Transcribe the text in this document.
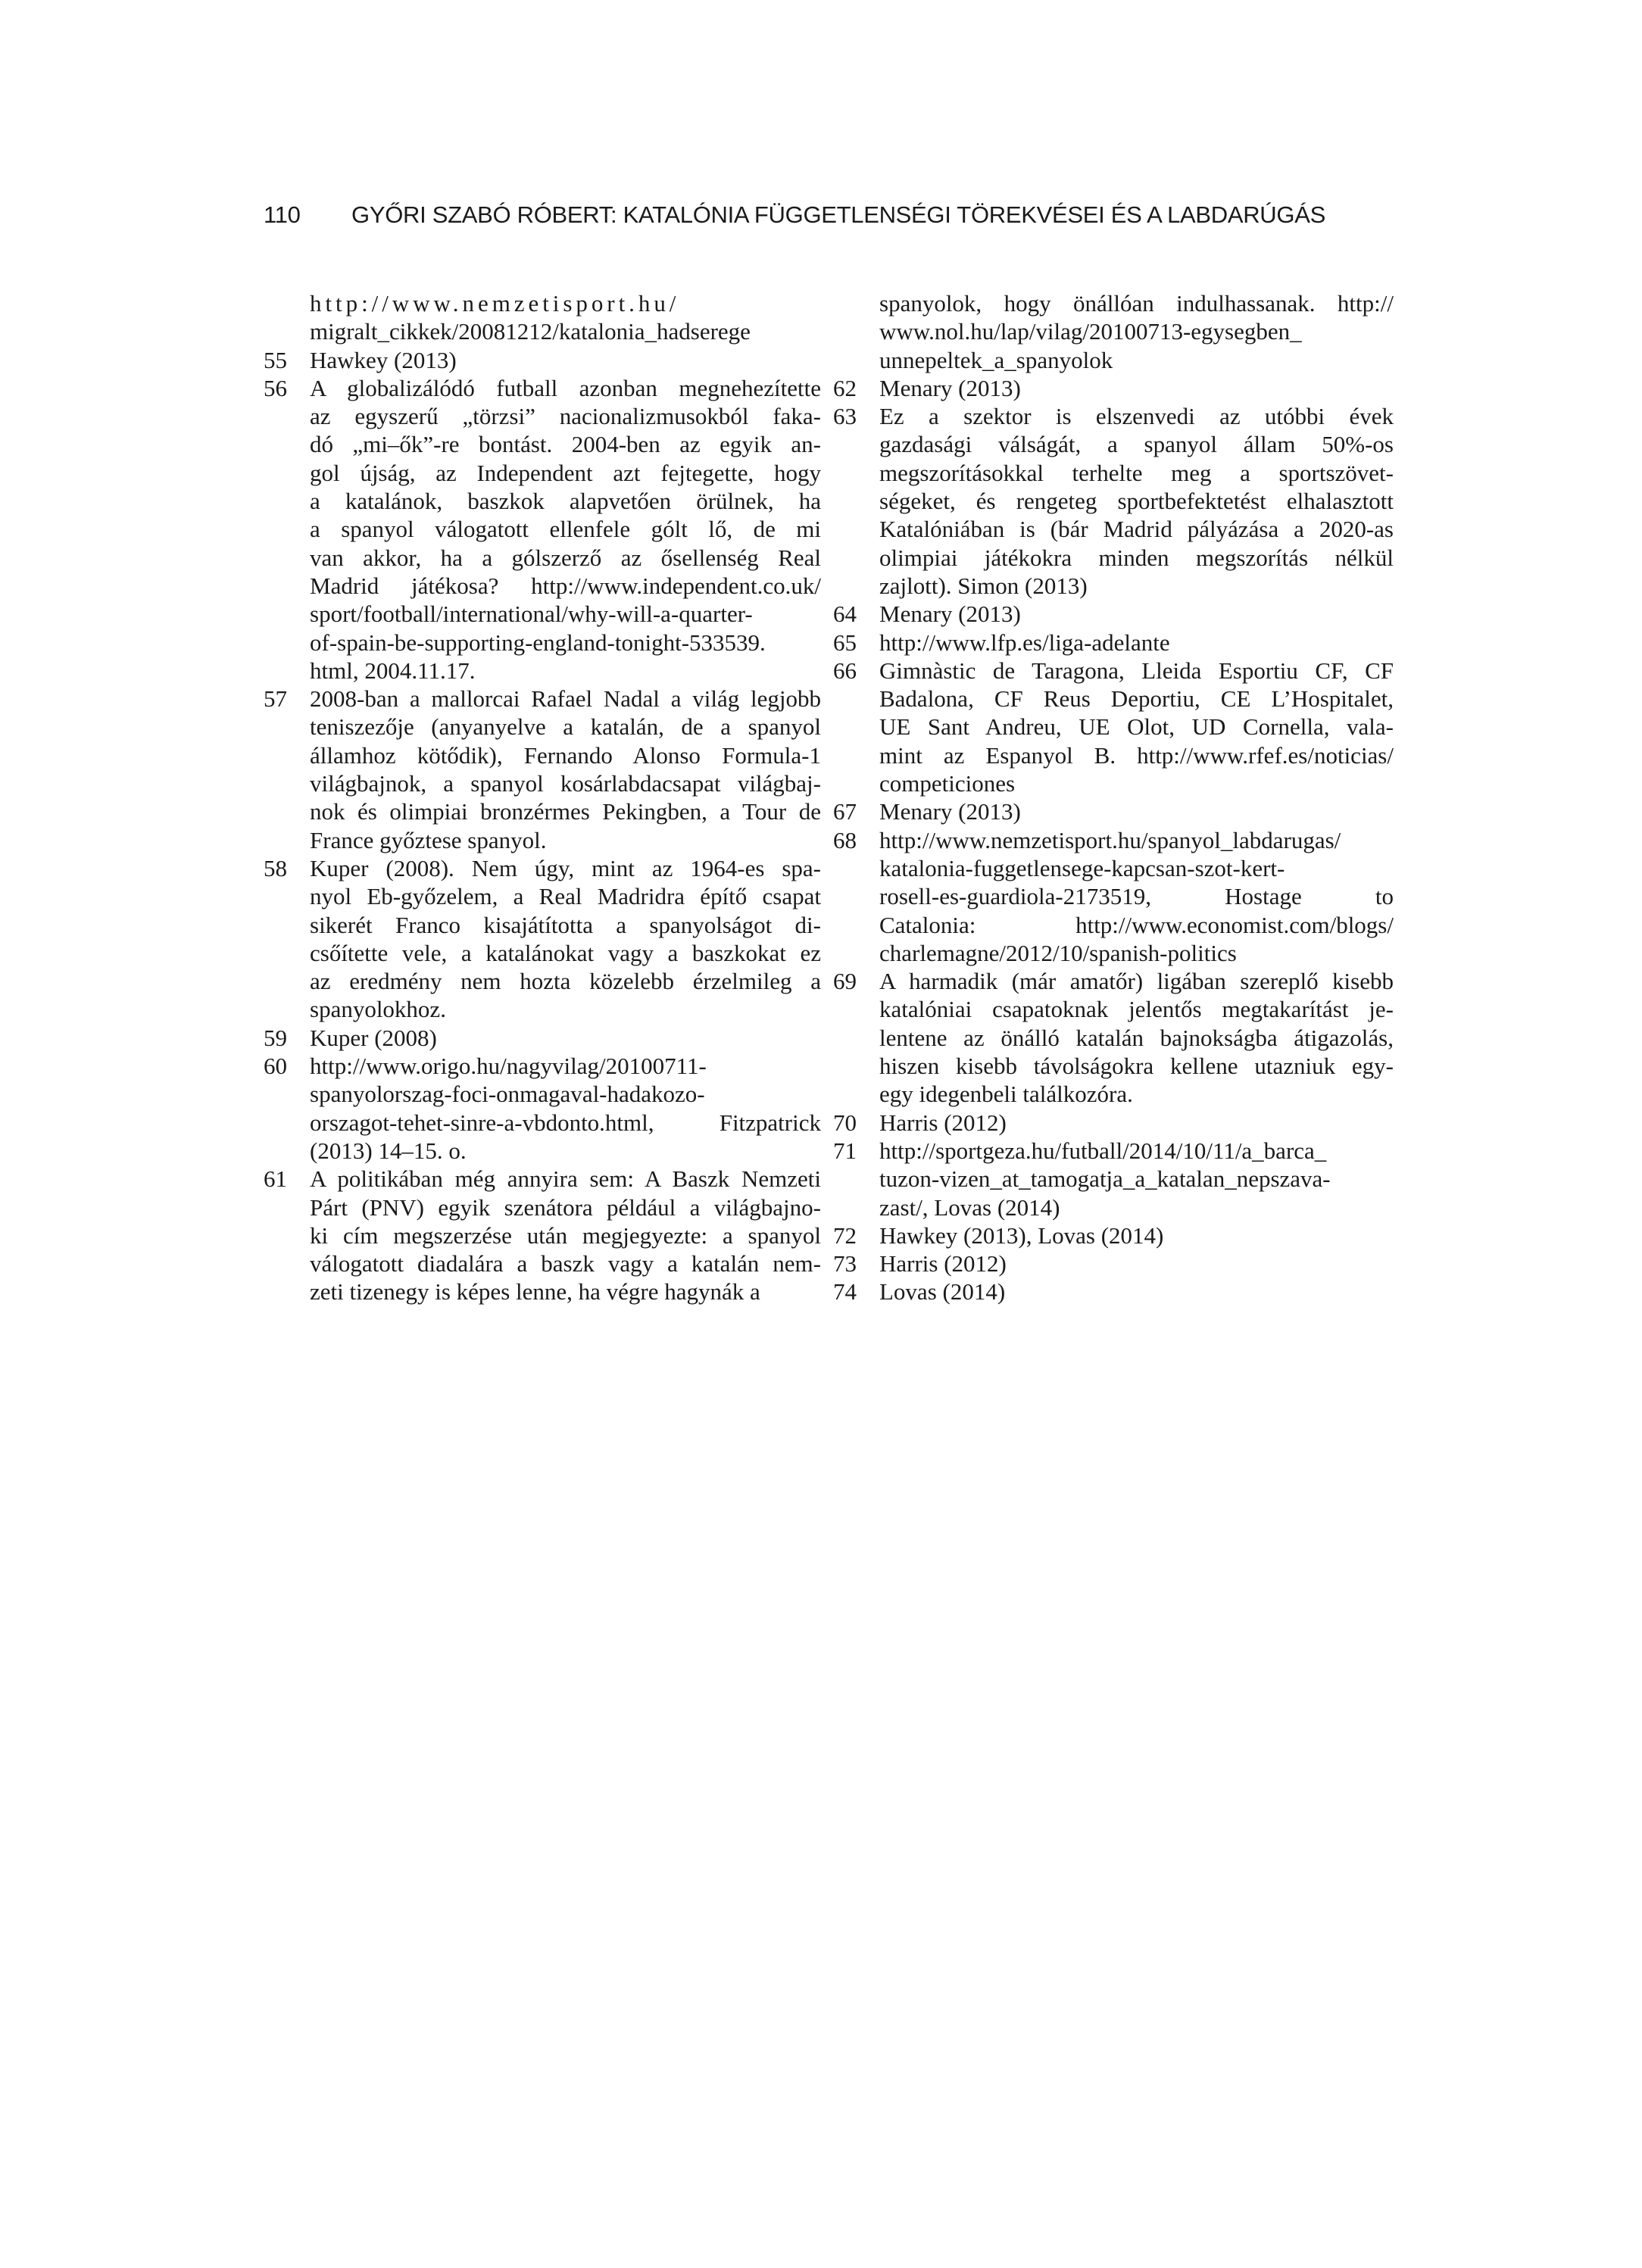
110 GYŐRI SZABÓ RÓBERT: KATALÓNIA FÜGGETLENSÉGI TÖREKVÉSEI ÉS A LABDARÚGÁS
http://www.nemzetisport.hu/
migralt_cikkek/20081212/katalonia_hadserege
55 Hawkey (2013)
56 A globalizálódó futball azonban megnehezítette
az egyszerű „törzsi” nacionalizmusokból faka-
dó „mi–ők”-re bontást. 2004-ben az egyik an-
gol újság, az Independent azt fejtegette, hogy
a katalánok, baszkok alapvetően örülnek, ha
a spanyol válogatott ellenfele gólt lő, de mi
van akkor, ha a gólszerző az ősellenség Real
Madrid játékosa? http://www.independent.co.uk/
sport/football/international/why-will-a-quarter-
of-spain-be-supporting-england-tonight-533539.
html, 2004.11.17.
57 2008-ban a mallorcai Rafael Nadal a világ legjobb
teniszezője (anyanyelve a katalán, de a spanyol
államhoz kötődik), Fernando Alonso Formula-1
világbajnok, a spanyol kosárlabdacsapat világbaj-
nok és olimpiai bronzérmes Pekingben, a Tour de
France győztese spanyol.
58 Kuper (2008). Nem úgy, mint az 1964-es spa-
nyol Eb-győzelem, a Real Madridra építő csapat
sikerét Franco kisajátította a spanyolságot di-
csőítette vele, a katalánokat vagy a baszkokat ez
az eredmény nem hozta közelebb érzelmileg a
spanyolokhoz.
59 Kuper (2008)
60 http://www.origo.hu/nagyvilag/20100711-
spanyolorszag-foci-onmagaval-hadakozo-
orszagot-tehet-sinre-a-vbdonto.html, Fitzpatrick
(2013) 14–15. o.
61 A politikában még annyira sem: A Baszk Nemzeti
Párt (PNV) egyik szenátora például a világbajno-
ki cím megszerzése után megjegyezte: a spanyol
válogatott diadalára a baszk vagy a katalán nem-
zeti tizenegy is képes lenne, ha végre hagynák a
spanyolok, hogy önállóan indulhassanak. http://
www.nol.hu/lap/vilag/20100713-egysegben_
unnepeltek_a_spanyolok
62 Menary (2013)
63 Ez a szektor is elszenvedi az utóbbi évek
gazdasági válságát, a spanyol állam 50%-os
megszorításokkal terhelte meg a sportszövet-
ségeket, és rengeteg sportbefektetést elhalasztott
Katalóniában is (bár Madrid pályázása a 2020-as
olimpiai játékokra minden megszorítás nélkül
zajlott). Simon (2013)
64 Menary (2013)
65 http://www.lfp.es/liga-adelante
66 Gimnàstic de Taragona, Lleida Esportiu CF, CF
Badalona, CF Reus Deportiu, CE L’Hospitalet,
UE Sant Andreu, UE Olot, UD Cornella, vala-
mint az Espanyol B. http://www.rfef.es/noticias/
competiciones
67 Menary (2013)
68 http://www.nemzetisport.hu/spanyol_labdarugas/
katalonia-fuggetlensege-kapcsan-szot-kert-
rosell-es-guardiola-2173519, Hostage to
Catalonia: http://www.economist.com/blogs/
charlemagne/2012/10/spanish-politics
69 A harmadik (már amatőr) ligában szereplő kisebb
katalóniai csapatoknak jelentős megtakarítást je-
lentene az önálló katalán bajnokságba átigazolás,
hiszen kisebb távolságokra kellene utazniuk egy-
egy idegenbeli találkozóra.
70 Harris (2012)
71 http://sportgeza.hu/futball/2014/10/11/a_barca_
tuzon-vizen_at_tamogatja_a_katalan_nepszava-
zast/, Lovas (2014)
72 Hawkey (2013), Lovas (2014)
73 Harris (2012)
74 Lovas (2014)
